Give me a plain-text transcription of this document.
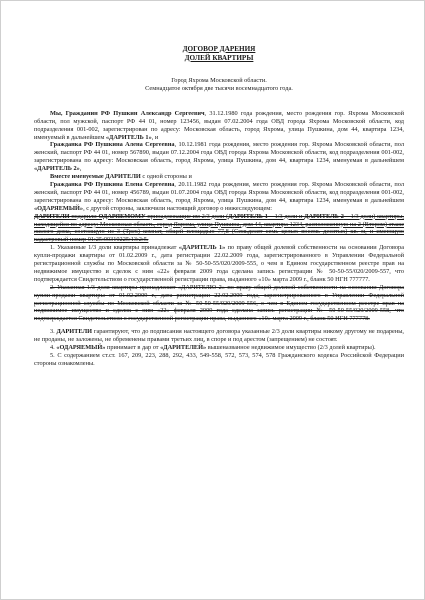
ДОГОВОР ДАРЕНИЯ
ДОЛЕЙ КВАРТИРЫ
Город Яхрома Московской области.
Семнадцатое октября две тысячи восемнадцатого года.

Мы, Гражданин РФ Пушкин Александр Сергеевич, 31.12.1980 года рождения, место рождения гор. Яхрома Московской области, пол мужской, паспорт РФ 44 01, номер 123456, выдан 07.02.2004 года ОВД города Яхрома Московской области, код подразделения 001-002, зарегистрирован по адресу: Московская область, город Яхрома, улица Пушкина, дом 44, квартира 1234, именуемый в дальнейшем «ДАРИТЕЛЬ 1», и

Гражданка РФ Пушкина Алена Сергеевна, 10.12.1981 года рождения, место рождения гор. Яхрома Московской области, пол женский, паспорт РФ 44 01, номер 567890, выдан 07.12.2004 года ОВД города Яхрома Московской области, код подразделения 001-002, зарегистрирована по адресу: Московская область, город Яхрома, улица Пушкина, дом 44, квартира 1234, именуемая в дальнейшем «ДАРИТЕЛЬ 2»,

Вместе именуемые ДАРИТЕЛИ с одной стороны и

Гражданка РФ Пушкина Елена Сергеевна, 20.11.1982 года рождения, место рождения гор. Яхрома Московской области, пол женский, паспорт РФ 44 01, номер 456789, выдан 01.07.2004 года ОВД города Яхрома Московской области, код подразделения 001-002, зарегистрирована по адресу: Московская область, город Яхрома, улица Пушкина, дом 44, квартира 1234, именуемая в дальнейшем «ОДАРЯЕМЫЙ», с другой стороны, заключили настоящий договор о нижеследующем:

ДАРИТЕЛИ подарили ОДАРЯЕМОМУ принадлежащие им 2/3 доли (ДАРИТЕЛЬ 1 – 1/3 доли и ДАРИТЕЛЬ 2 – 1/3 доли) квартиры, находящейся по адресу: Московская область, город Яхрома, улица Пушкина, дом 44, квартира 1234, расположенную на 2 (Втором) этаже жилого дома, состоящую из 3 (Трех) комнат, общей площадью 77,8 (Семьдесят семь целых восемь десятых) кв. м, и имеющую кадастровый номер 01:25:00310225:13:2:5.

1. Указанные 1/3 доли квартиры принадлежат «ДАРИТЕЛЬ 1» по праву общей долевой собственности на основании Договора купли-продажи квартиры от 01.02.2009 г., дата регистрации 22.02.2009 года, зарегистрированного в Управлении Федеральной регистрационной службы по Московской области за № 50-50-55/020/2009-555, о чем в Едином государственном реестре прав на недвижимое имущество и сделок с ним «22» февраля 2009 года сделана запись регистрации № 50-50-55/020/2009-557, что подтверждается Свидетельством о государственной регистрации права, выданного «10» марта 2009 г., бланк 50 НГН 777777.

2. Указанная 1/3 доля квартиры принадлежит «ДАРИТЕЛЮ 2» по праву общей долевой собственности на основании Договора купли-продажи квартиры от 01.02.2009 г., дата регистрации 22.02.2009 года, зарегистрированного в Управлении Федеральной регистрационной службы по Московской области за № 50-50-55/020/2009-556, о чем в Едином государственном реестре прав на недвижимое имущество и сделок с ним «22» февраля 2009 года сделана запись регистрации № 50-50-55/020/2009-558, что подтверждается Свидетельством о государственной регистрации права, выданного «10» марта 2009 г., бланк 50 НГН 777778.

3. ДАРИТЕЛИ гарантируют, что до подписания настоящего договора указанные 2/3 доли квартиры никому другому не подарены, не проданы, не заложены, не обременены правами третьих лиц, в споре и под арестом (запрещением) не состоят.

4. «ОДАРЯЕМЫЙ» принимает в дар от «ДАРИТЕЛЕЙ» вышеназванное недвижимое имущество (2/3 долей квартиры).

5. С содержанием ст.ст. 167, 209, 223, 288, 292, 433, 549-558, 572, 573, 574, 578 Гражданского кодекса Российской Федерации стороны ознакомлены.
